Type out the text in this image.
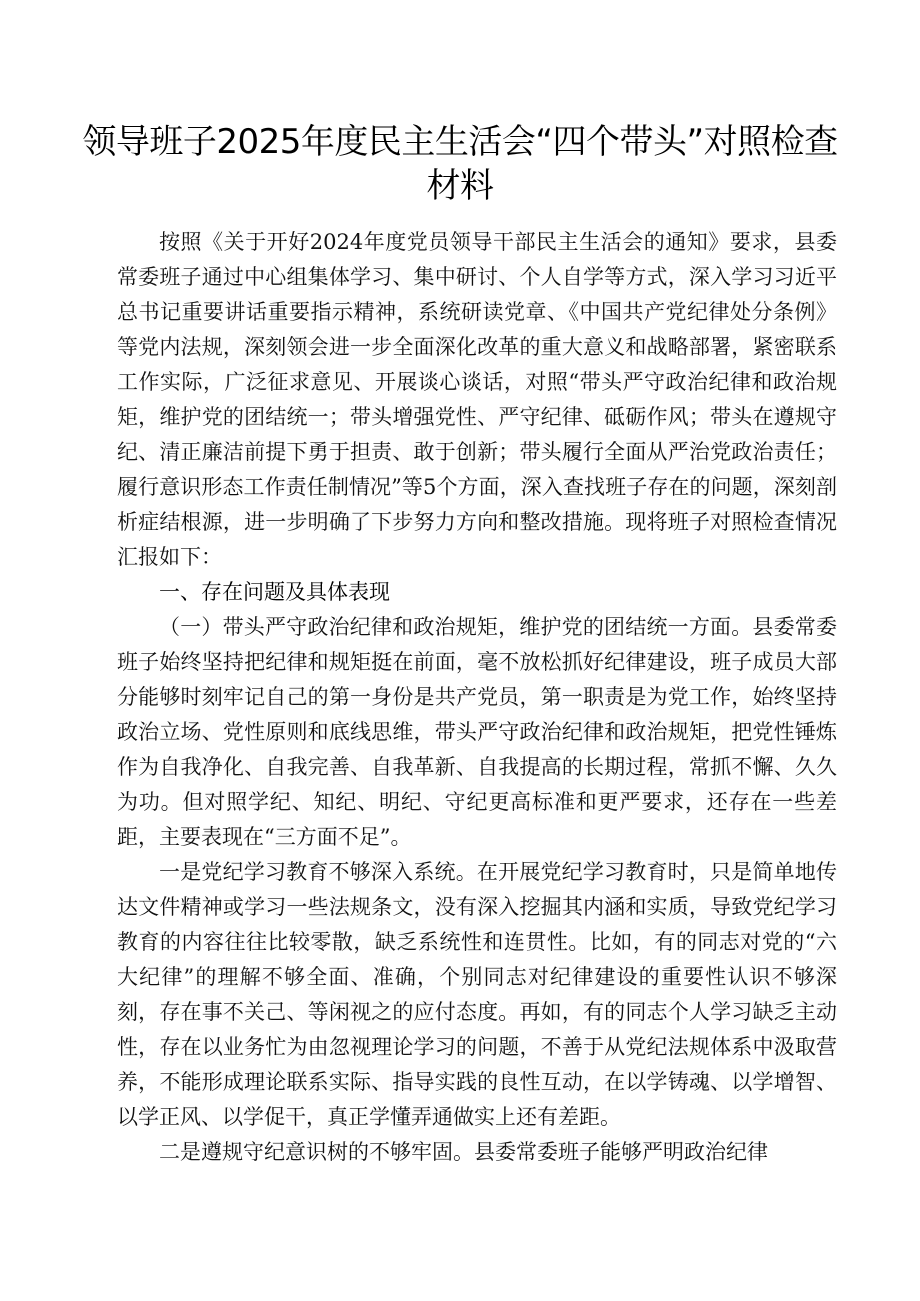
领导班子2025年度民主生活会“四个带头”对照检查材料

按照《关于开好2024年度党员领导干部民主生活会的通知》要求，县委常委班子通过中心组集体学习、集中研讨、个人自学等方式，深入学习习近平总书记重要讲话重要指示精神，系统研读党章、《中国共产党纪律处分条例》等党内法规，深刻领会进一步全面深化改革的重大意义和战略部署，紧密联系工作实际，广泛征求意见、开展谈心谈话，对照“带头严守政治纪律和政治规矩，维护党的团结统一；带头增强党性、严守纪律、砥砺作风；带头在遵规守纪、清正廉洁前提下勇于担责、敢于创新；带头履行全面从严治党政治责任；履行意识形态工作责任制情况”等5个方面，深入查找班子存在的问题，深刻剖析症结根源，进一步明确了下步努力方向和整改措施。现将班子对照检查情况汇报如下：

一、存在问题及具体表现

（一）带头严守政治纪律和政治规矩，维护党的团结统一方面。县委常委班子始终坚持把纪律和规矩挺在前面，毫不放松抓好纪律建设，班子成员大部分能够时刻牢记自己的第一身份是共产党员，第一职责是为党工作，始终坚持政治立场、党性原则和底线思维，带头严守政治纪律和政治规矩，把党性锤炼作为自我净化、自我完善、自我革新、自我提高的长期过程，常抓不懈、久久为功。但对照学纪、知纪、明纪、守纪更高标准和更严要求，还存在一些差距，主要表现在“三方面不足”。

一是党纪学习教育不够深入系统。在开展党纪学习教育时，只是简单地传达文件精神或学习一些法规条文，没有深入挖掘其内涵和实质，导致党纪学习教育的内容往往比较零散，缺乏系统性和连贯性。比如，有的同志对党的“六大纪律”的理解不够全面、准确，个别同志对纪律建设的重要性认识不够深刻，存在事不关己、等闲视之的应付态度。再如，有的同志个人学习缺乏主动性，存在以业务忙为由忽视理论学习的问题，不善于从党纪法规体系中汲取营养，不能形成理论联系实际、指导实践的良性互动，在以学铸魂、以学增智、以学正风、以学促干，真正学懂弄通做实上还有差距。

二是遵规守纪意识树的不够牢固。县委常委班子能够严明政治纪律
